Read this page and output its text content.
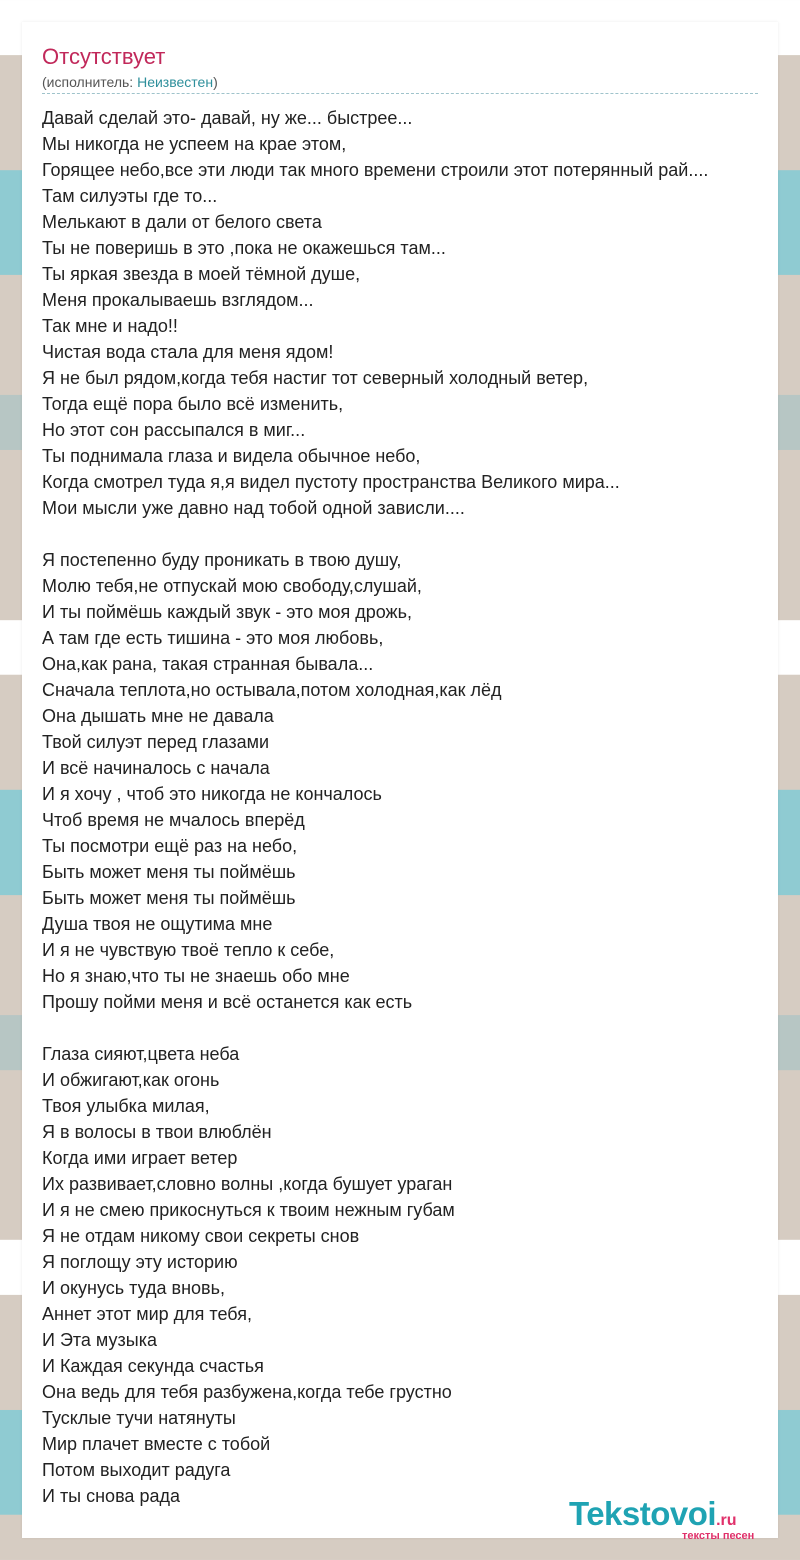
Отсутствует
(исполнитель: Неизвестен)
Давай сделай это- давай, ну же... быстрее...
Мы никогда не успеем на крае этом,
Горящее небо,все эти люди так много времени строили этот потерянный рай....
Там силуэты где то...
Мелькают в дали от белого света
Ты не поверишь в это ,пока не окажешься там...
Ты яркая звезда в моей тёмной душе,
Меня прокалываешь взглядом...
Так мне и надо!!
Чистая вода стала для меня ядом!
Я не был рядом,когда тебя настиг тот северный холодный ветер,
Тогда ещё пора было всё изменить,
Но этот сон рассыпался в миг...
Ты поднимала глаза и видела обычное небо,
Когда смотрел туда я,я видел пустоту пространства Великого мира...
Мои мысли уже давно над тобой одной зависли....
Я постепенно буду проникать в твою душу,
Молю тебя,не отпускай мою свободу,слушай,
И ты поймёшь каждый звук - это моя дрожь,
А там где есть тишина - это моя любовь,
Она,как рана, такая странная бывала...
Сначала теплота,но остывала,потом холодная,как лёд
Она дышать мне не давала
Твой силуэт перед глазами
И всё начиналось с начала
И я хочу , чтоб это никогда не кончалось
Чтоб время не мчалось вперёд
Ты посмотри ещё раз на небо,
Быть может меня ты поймёшь
Быть может меня ты поймёшь
Душа твоя не ощутима мне
И я не чувствую твоё тепло к себе,
Но я знаю,что ты не знаешь обо мне
Прошу пойми меня и всё останется как есть
Глаза сияют,цвета неба
И обжигают,как огонь
Твоя улыбка милая,
Я в волосы в твои влюблён
Когда ими играет ветер
Их развивает,словно волны ,когда бушует ураган
И я не смею прикоснуться к твоим нежным губам
Я не отдам никому свои секреты снов
Я поглощу эту историю
И окунусь туда вновь,
Аннет этот мир для тебя,
И Эта музыка
И Каждая секунда счастья
Она ведь для тебя разбужена,когда тебе грустно
Тусклые тучи натянуты
Мир плачет вместе с тобой
Потом выходит радуга
И ты снова рада	Tekstovoi.ru
тексты песен
